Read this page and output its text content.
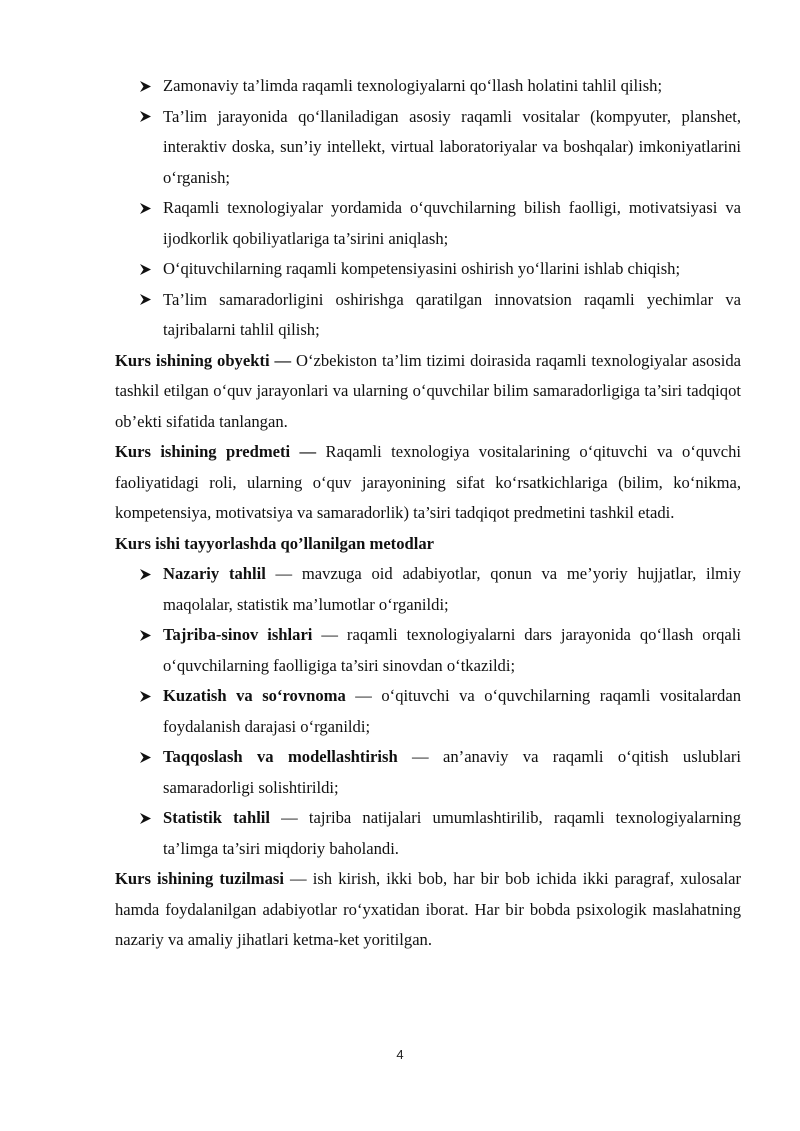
Zamonaviy ta’limda raqamli texnologiyalarni qo‘llash holatini tahlil qilish;

Ta’lim jarayonida qo‘llaniladigan asosiy raqamli vositalar (kompyuter, planshet, interaktiv doska, sun’iy intellekt, virtual laboratoriyalar va boshqalar) imkoniyatlarini o‘rganish;

Raqamli texnologiyalar yordamida o‘quvchilarning bilish faolligi, motivatsiyasi va ijodkorlik qobiliyatlariga ta’sirini aniqlash;

O‘qituvchilarning raqamli kompetensiyasini oshirish yo‘llarini ishlab chiqish;

Ta’lim samaradorligini oshirishga qaratilgan innovatsion raqamli yechimlar va tajribalarni tahlil qilish;

Kurs ishining obyekti — O‘zbekiston ta’lim tizimi doirasida raqamli texnologiyalar asosida tashkil etilgan o‘quv jarayonlari va ularning o‘quvchilar bilim samaradorligiga ta’siri tadqiqot ob’ekti sifatida tanlangan.

Kurs ishining predmeti — Raqamli texnologiya vositalarining o‘qituvchi va o‘quvchi faoliyatidagi roli, ularning o‘quv jarayonining sifat ko‘rsatkichlariga (bilim, ko‘nikma, kompetensiya, motivatsiya va samaradorlik) ta’siri tadqiqot predmetini tashkil etadi.

Kurs ishi tayyorlashda qo’llanilgan metodlar

Nazariy tahlil — mavzuga oid adabiyotlar, qonun va me’yoriy hujjatlar, ilmiy maqolalar, statistik ma’lumotlar o‘rganildi;

Tajriba-sinov ishlari — raqamli texnologiyalarni dars jarayonida qo‘llash orqali o‘quvchilarning faolligiga ta’siri sinovdan o‘tkazildi;

Kuzatish va so‘rovnoma — o‘qituvchi va o‘quvchilarning raqamli vositalardan foydalanish darajasi o‘rganildi;

Taqqoslash va modellashtirish — an’anaviy va raqamli o‘qitish uslublari samaradorligi solishtirildi;

Statistik tahlil — tajriba natijalari umumlashtirilib, raqamli texnologiyalarning ta’limga ta’siri miqdoriy baholandi.

Kurs ishining tuzilmasi — ish kirish, ikki bob, har bir bob ichida ikki paragraf, xulosalar hamda foydalanilgan adabiyotlar ro‘yxatidan iborat. Har bir bobda psixologik maslahatning nazariy va amaliy jihatlari ketma-ket yoritilgan.

4
